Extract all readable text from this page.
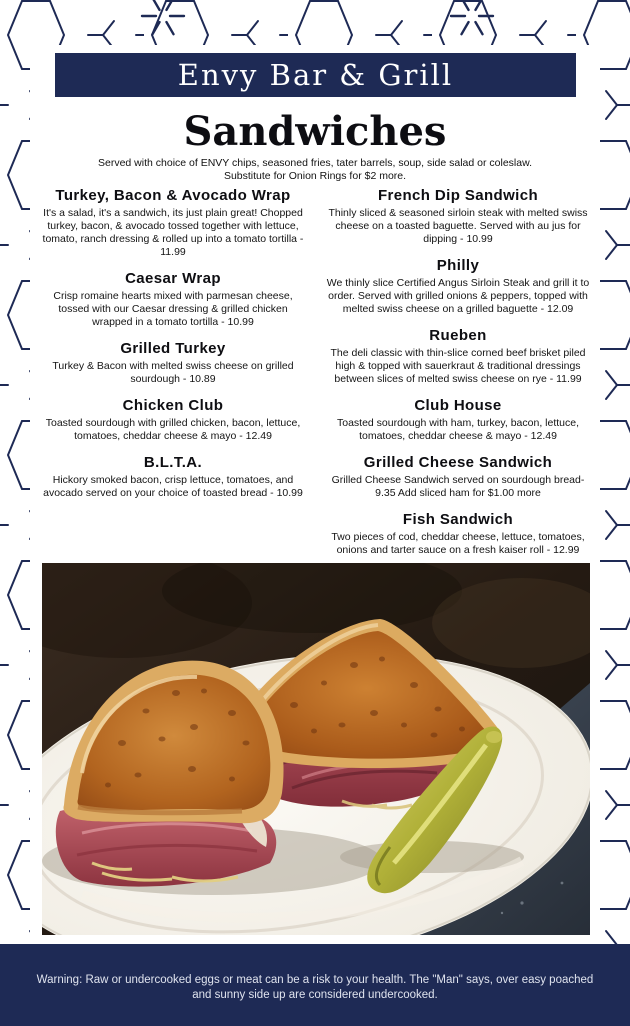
Envy Bar & Grill
Sandwiches
Served with choice of ENVY chips, seasoned fries, tater barrels, soup, side salad or coleslaw.
Substitute for Onion Rings for $2 more.
Turkey, Bacon & Avocado Wrap
It's a salad, it's a sandwich, its just plain great! Chopped turkey, bacon, & avocado tossed together with lettuce, tomato, ranch dressing & rolled up into a tomato tortilla - 11.99
Caesar Wrap
Crisp romaine hearts mixed with parmesan cheese, tossed with our Caesar dressing & grilled chicken wrapped in a tomato tortilla - 10.99
Grilled Turkey
Turkey & Bacon with melted swiss cheese on grilled sourdough - 10.89
Chicken Club
Toasted sourdough with grilled chicken, bacon, lettuce, tomatoes, cheddar cheese & mayo - 12.49
B.L.T.A.
Hickory smoked bacon, crisp lettuce, tomatoes, and avocado served on your choice of toasted bread - 10.99
French Dip Sandwich
Thinly sliced & seasoned sirloin steak with melted swiss cheese on a toasted baguette. Served with au jus for dipping - 10.99
Philly
We thinly slice Certified Angus Sirloin Steak and grill it to order. Served with grilled onions & peppers, topped with melted swiss cheese on a grilled baguette - 12.09
Rueben
The deli classic with thin-slice corned beef brisket piled high & topped with sauerkraut & traditional dressings between slices of melted swiss cheese on rye - 11.99
Club House
Toasted sourdough with ham, turkey, bacon, lettuce, tomatoes, cheddar cheese & mayo - 12.49
Grilled Cheese Sandwich
Grilled Cheese Sandwich served on sourdough bread- 9.35 Add sliced ham for $1.00 more
Fish Sandwich
Two pieces of cod, cheddar cheese, lettuce, tomatoes, onions and tarter sauce on a fresh kaiser roll - 12.99
Warning: Raw or undercooked eggs or meat can be a risk to your health. The "Man" says, over easy poached
and sunny side up are considered undercooked.
